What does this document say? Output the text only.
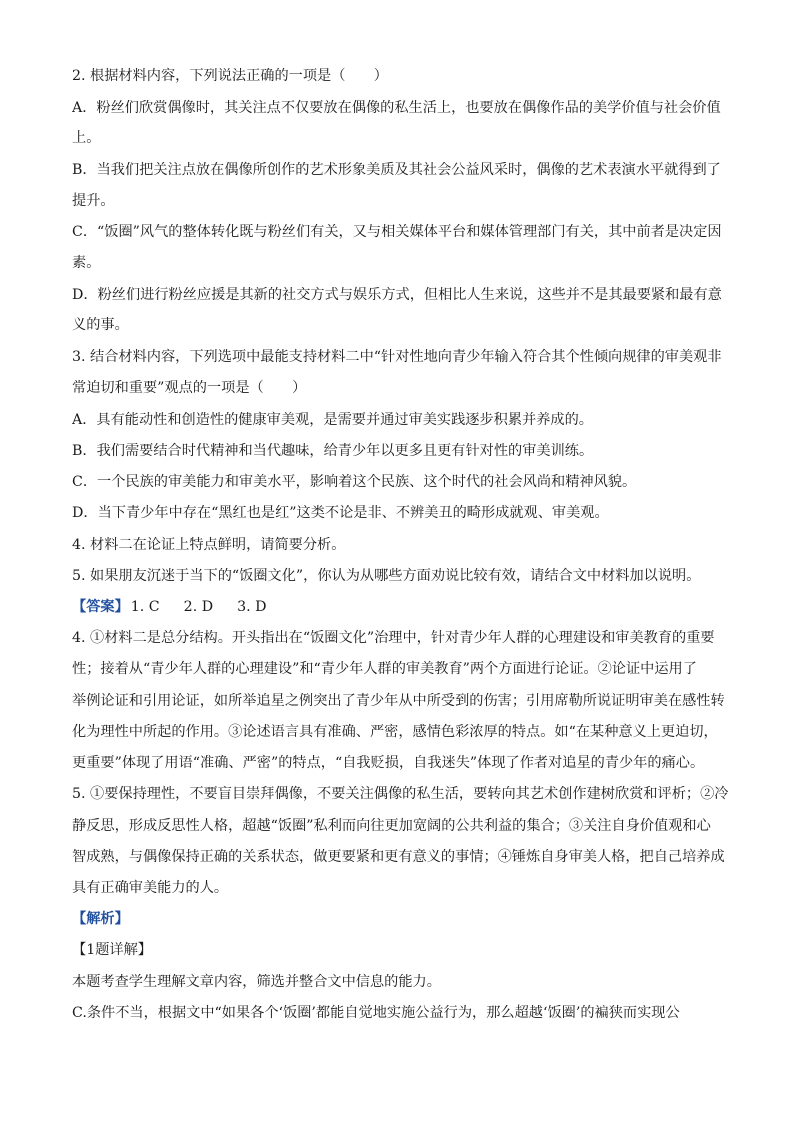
2. 根据材料内容，下列说法正确的一项是（　　）
A．粉丝们欣赏偶像时，其关注点不仅要放在偶像的私生活上，也要放在偶像作品的美学价值与社会价值
上。
B．当我们把关注点放在偶像所创作的艺术形象美质及其社会公益风采时，偶像的艺术表演水平就得到了
提升。
C．“饭圈”风气的整体转化既与粉丝们有关，又与相关媒体平台和媒体管理部门有关，其中前者是决定因
素。
D．粉丝们进行粉丝应援是其新的社交方式与娱乐方式，但相比人生来说，这些并不是其最要紧和最有意
义的事。
3. 结合材料内容，下列选项中最能支持材料二中“针对性地向青少年输入符合其个性倾向规律的审美观非
常迫切和重要”观点的一项是（　　）
A．具有能动性和创造性的健康审美观，是需要并通过审美实践逐步积累并养成的。
B．我们需要结合时代精神和当代趣味，给青少年以更多且更有针对性的审美训练。
C．一个民族的审美能力和审美水平，影响着这个民族、这个时代的社会风尚和精神风貌。
D．当下青少年中存在“黑红也是红”这类不论是非、不辨美丑的畸形成就观、审美观。
4. 材料二在论证上特点鲜明，请简要分析。
5. 如果朋友沉迷于当下的“饭圈文化”，你认为从哪些方面劝说比较有效，请结合文中材料加以说明。
【答案】 1. C 2. D 3. D
4. ①材料二是总分结构。开头指出在“饭圈文化”治理中，针对青少年人群的心理建设和审美教育的重要
性；接着从“青少年人群的心理建设”和“青少年人群的审美教育”两个方面进行论证。②论证中运用了
举例论证和引用论证，如所举追星之例突出了青少年从中所受到的伤害；引用席勒所说证明审美在感性转
化为理性中所起的作用。③论述语言具有准确、严密，感情色彩浓厚的特点。如“在某种意义上更迫切，
更重要”体现了用语“准确、严密”的特点，“自我贬损，自我迷失”体现了作者对追星的青少年的痛心。
5. ①要保持理性，不要盲目崇拜偶像，不要关注偶像的私生活，要转向其艺术创作建树欣赏和评析；②冷
静反思，形成反思性人格，超越“饭圈”私利而向往更加宽阔的公共利益的集合；③关注自身价值观和心
智成熟，与偶像保持正确的关系状态，做更要紧和更有意义的事情；④锤炼自身审美人格，把自己培养成
具有正确审美能力的人。
【解析】
【1题详解】
本题考查学生理解文章内容，筛选并整合文中信息的能力。
C.条件不当，根据文中“如果各个‘饭圈’都能自觉地实施公益行为，那么超越‘饭圈’的褊狭而实现公
